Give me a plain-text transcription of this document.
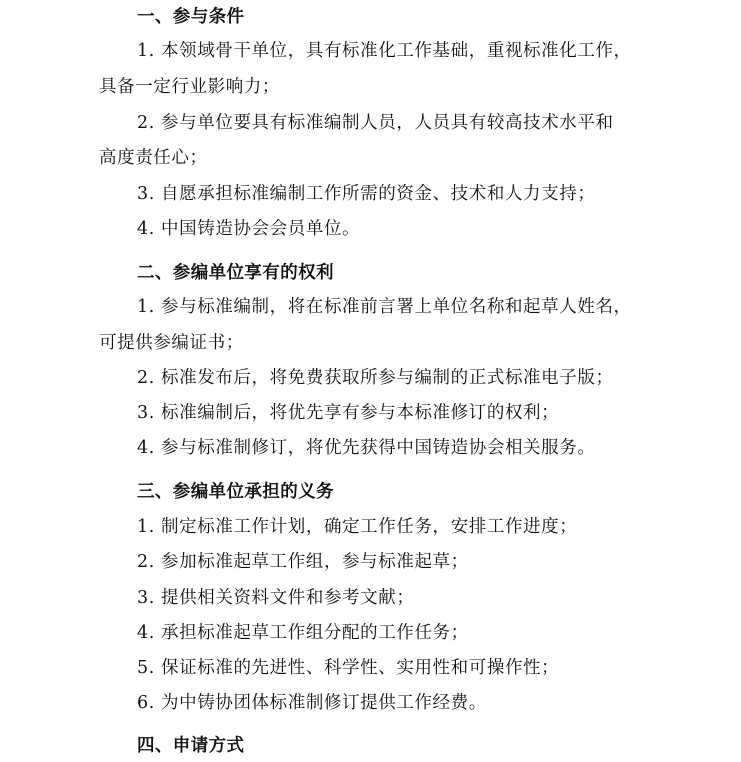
一、参与条件
1. 本领域骨干单位，具有标准化工作基础，重视标准化工作，
具备一定行业影响力；
2. 参与单位要具有标准编制人员，人员具有较高技术水平和
高度责任心；
3. 自愿承担标准编制工作所需的资金、技术和人力支持；
4. 中国铸造协会会员单位。
二、参编单位享有的权利
1. 参与标准编制，将在标准前言署上单位名称和起草人姓名，
可提供参编证书；
2. 标准发布后，将免费获取所参与编制的正式标准电子版；
3. 标准编制后，将优先享有参与本标准修订的权利；
4. 参与标准制修订，将优先获得中国铸造协会相关服务。
三、参编单位承担的义务
1. 制定标准工作计划，确定工作任务，安排工作进度；
2. 参加标准起草工作组，参与标准起草；
3. 提供相关资料文件和参考文献；
4. 承担标准起草工作组分配的工作任务；
5. 保证标准的先进性、科学性、实用性和可操作性；
6. 为中铸协团体标准制修订提供工作经费。
四、申请方式
